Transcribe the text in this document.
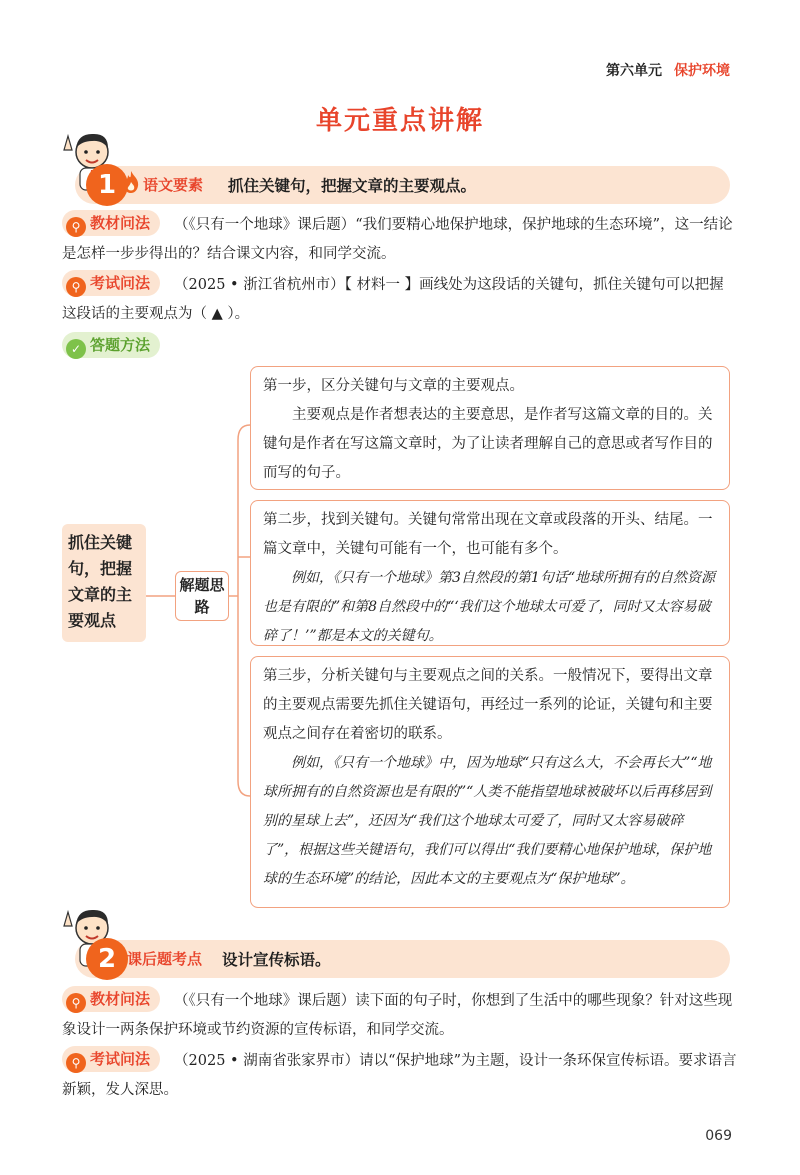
第六单元 保护环境
单元重点讲解
1	语文要素 抓住关键句，把握文章的主要观点。
⚲ 教材问法 （《只有一个地球》课后题）“我们要精心地保护地球，保护地球的生态环境”，这一结论是怎样一步步得出的？结合课文内容，和同学交流。
⚲ 考试问法 （2025 • 浙江省杭州市）【 材料一 】画线处为这段话的关键句，抓住关键句可以把握这段话的主要观点为（ ▲ ）。
✓ 答题方法
抓住关键句，把握文章的主要观点
解题思路

第一步，区分关键句与文章的主要观点。

主要观点是作者想表达的主要意思，是作者写这篇文章的目的。关键句是作者在写这篇文章时，为了让读者理解自己的意思或者写作目的而写的句子。

第二步，找到关键句。关键句常常出现在文章或段落的开头、结尾。一篇文章中，关键句可能有一个，也可能有多个。

例如，《只有一个地球》第3自然段的第1句话“地球所拥有的自然资源也是有限的”和第8自然段中的“‘我们这个地球太可爱了，同时又太容易破碎了！’”都是本文的关键句。

第三步，分析关键句与主要观点之间的关系。一般情况下，要得出文章的主要观点需要先抓住关键语句，再经过一系列的论证，关键句和主要观点之间存在着密切的联系。

例如，《只有一个地球》中，因为地球“只有这么大，不会再长大”“地球所拥有的自然资源也是有限的”“人类不能指望地球被破坏以后再移居到别的星球上去”，还因为“我们这个地球太可爱了，同时又太容易破碎了”，根据这些关键语句，我们可以得出“我们要精心地保护地球，保护地球的生态环境”的结论，因此本文的主要观点为“保护地球”。

2 课后题考点 设计宣传标语。
⚲ 教材问法 （《只有一个地球》课后题）读下面的句子时，你想到了生活中的哪些现象？针对这些现象设计一两条保护环境或节约资源的宣传标语，和同学交流。
⚲ 考试问法 （2025 • 湖南省张家界市）请以“保护地球”为主题，设计一条环保宣传标语。要求语言新颖，发人深思。
069
